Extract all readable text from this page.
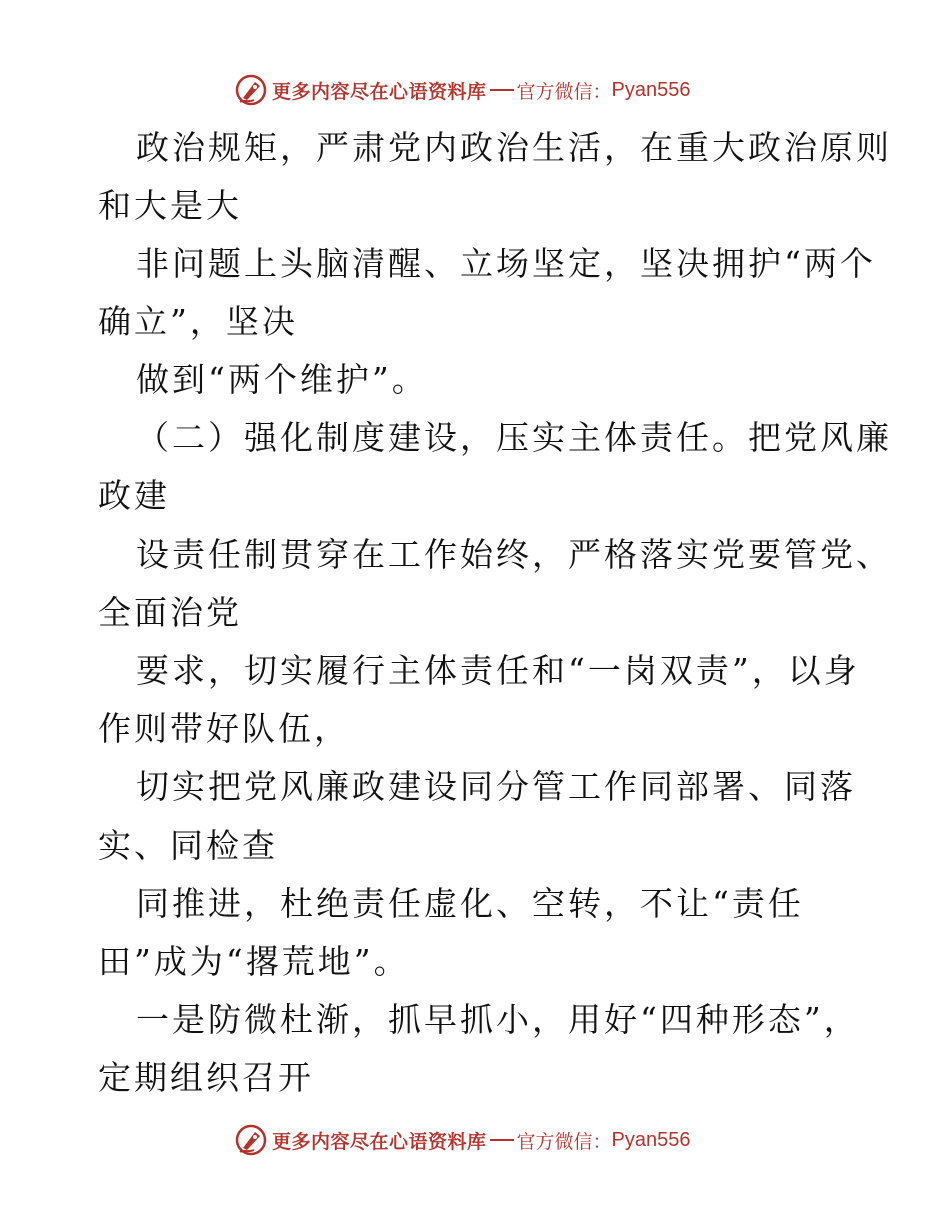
更多内容尽在心语资料库 官方微信： Pyan556
政治规矩，严肃党内政治生活，在重大政治原则
和大是大
非问题上头脑清醒、立场坚定，坚决拥护“两个
确立”，坚决
做到“两个维护”。
（二）强化制度建设，压实主体责任。把党风廉
政建
设责任制贯穿在工作始终，严格落实党要管党、
全面治党
要求，切实履行主体责任和“一岗双责”，以身
作则带好队伍，
切实把党风廉政建设同分管工作同部署、同落
实、同检查
同推进，杜绝责任虚化、空转，不让“责任
田”成为“撂荒地”。
一是防微杜渐，抓早抓小，用好“四种形态”，
定期组织召开
更多内容尽在心语资料库 官方微信： Pyan556
